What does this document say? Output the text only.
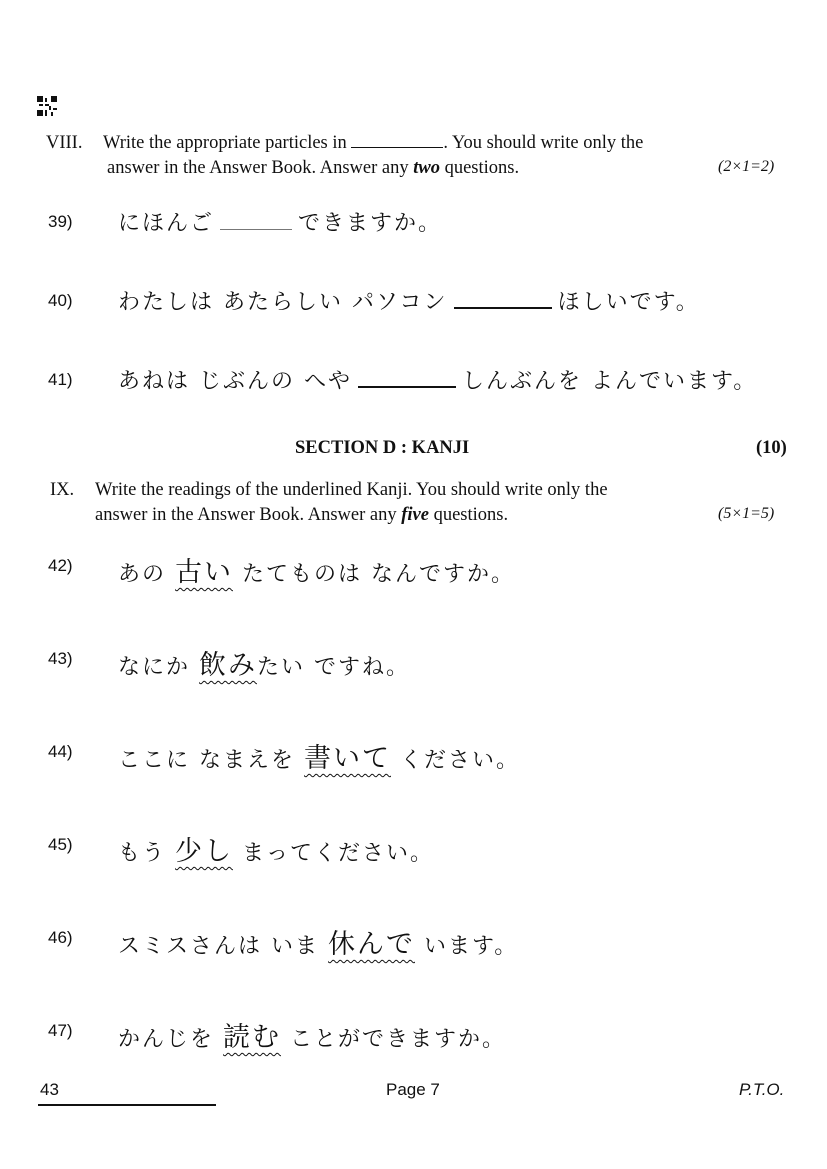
VIII. Write the appropriate particles in	. You should write only the
answer in the Answer Book. Answer any two questions.	(2×1=2)
39) にほんご	できますか。
40) わたしは あたらしい パソコン	ほしいです。
41) あねは じぶんの へや	しんぶんを よんでいます。
SECTION D : KANJI	(10)
IX. Write the readings of the underlined Kanji. You should write only the
answer in the Answer Book. Answer any five questions.	(5×1=5)
42) あの 古い たてものは なんですか。
43) なにか 飲みたい ですね。
44) ここに なまえを 書いて ください。
45) もう 少し まってください。
46) スミスさんは いま 休んで います。
47) かんじを 読む ことができますか。
43	Page 7	P.T.O.
